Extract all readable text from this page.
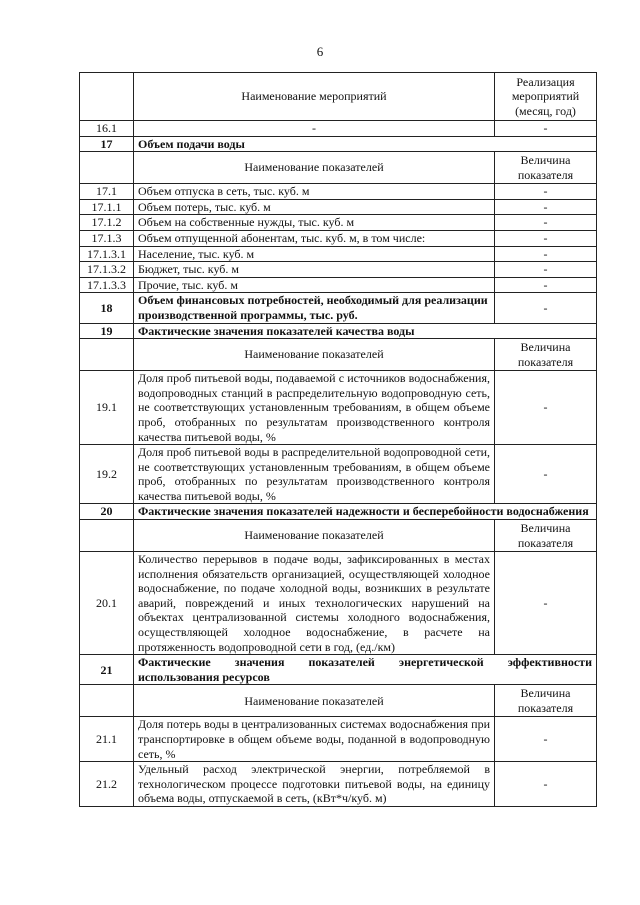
6
	Наименование мероприятий	Реализация
мероприятий
(месяц, год)

16.1	-	-
17	Объем подачи воды	
	Наименование показателей	Величина
показателя

17.1	Объем отпуска в сеть, тыс. куб. м	-
17.1.1	Объем потерь, тыс. куб. м	-
17.1.2	Объем на собственные нужды, тыс. куб. м	-
17.1.3	Объем отпущенной абонентам, тыс. куб. м, в том числе:	-
17.1.3.1	Население, тыс. куб. м	-
17.1.3.2	Бюджет, тыс. куб. м	-
17.1.3.3	Прочие, тыс. куб. м	-
18	Объем финансовых потребностей, необходимый для реализации производственной программы, тыс. руб.	-
19	Фактические значения показателей качества воды	
	Наименование показателей	Величина
показателя

19.1	Доля проб питьевой воды, подаваемой с источников водоснабжения, водопроводных станций в распределительную водопроводную сеть, не соответствующих установленным требованиям, в общем объеме проб, отобранных по результатам производственного контроля качества питьевой воды, %	-
19.2	Доля проб питьевой воды в распределительной водопроводной сети, не соответствующих установленным требованиям, в общем объеме проб, отобранных по результатам производственного контроля качества питьевой воды, %	-
20	Фактические значения показателей надежности и бесперебойности водоснабжения	
	Наименование показателей	Величина
показателя

20.1	Количество перерывов в подаче воды, зафиксированных в местах исполнения обязательств организацией, осуществляющей холодное водоснабжение, по подаче холодной воды, возникших в результате аварий, повреждений и иных технологических нарушений на объектах централизованной системы холодного водоснабжения, осуществляющей холодное водоснабжение, в расчете на протяженность водопроводной сети в год, (ед./км)	-
21	Фактические значения показателей энергетической эффективности использования ресурсов	
	Наименование показателей	Величина
показателя

21.1	Доля потерь воды в централизованных системах водоснабжения при транспортировке в общем объеме воды, поданной в водопроводную сеть, %	-
21.2	Удельный расход электрической энергии, потребляемой в технологическом процессе подготовки питьевой воды, на единицу объема воды, отпускаемой в сеть, (кВт*ч/куб. м)	-
